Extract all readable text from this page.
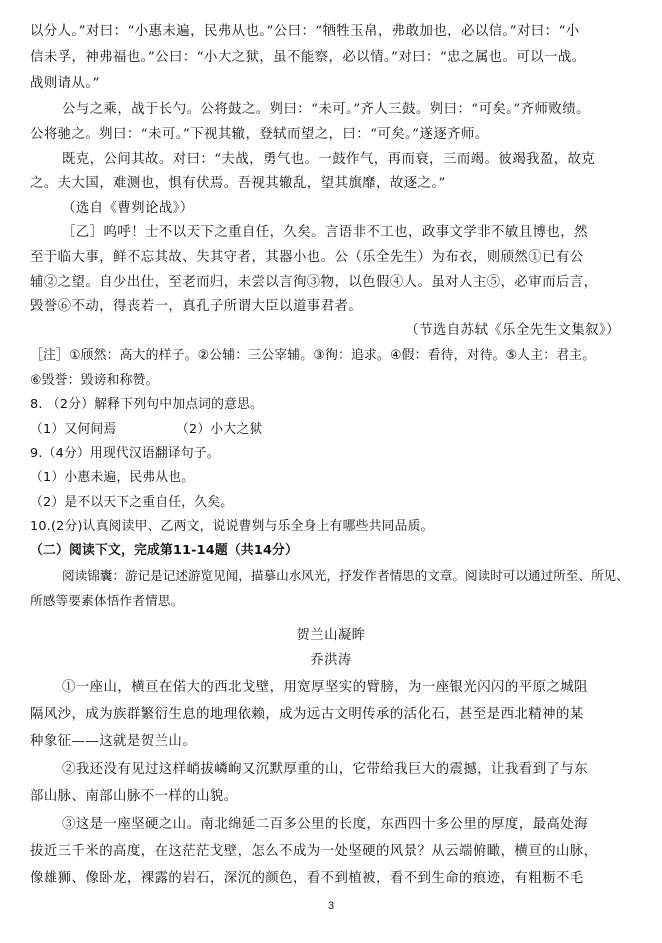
以分人。”对曰：“小惠未遍，民弗从也。”公曰：“牺牲玉帛，弗敢加也，必以信。”对曰：“小
信未孚，神弗福也。”公曰：“小大之狱，虽不能察，必以情。”对曰：“忠之属也。可以一战。
战则请从。”
公与之乘，战于长勺。公将鼓之。刿曰：“未可。”齐人三鼓。刿曰：“可矣。”齐师败绩。
公将驰之。刿曰：“未可。”下视其辙，登轼而望之，曰：“可矣。”遂逐齐师。
既克，公问其故。对曰：“夫战，勇气也。一鼓作气，再而衰，三而竭。彼竭我盈，故克
之。夫大国，难测也，惧有伏焉。吾视其辙乱，望其旗靡，故逐之。”
（选自《曹刿论战》）
［乙］呜呼！士不以天下之重自任，久矣。言语非不工也，政事文学非不敏且博也，然
至于临大事，鲜不忘其故、失其守者，其器小也。公（乐全先生）为布衣，则颀然①已有公
辅②之望。自少出仕，至老而归，未尝以言徇③物，以色假④人。虽对人主⑤，必审而后言，
毁誉⑥不动，得丧若一，真孔子所谓大臣以道事君者。
（节选自苏轼《乐全先生文集叙》）
［注］①颀然：高大的样子。②公辅：三公宰辅。③徇：追求。④假：看待，对待。⑤人主：君主。
⑥毁誉：毁谤和称赞。
8. （2分）解释下列句中加点词的意思。
（1）又何间焉	（2）小大之狱
9.（4分）用现代汉语翻译句子。
（1）小惠未遍，民弗从也。
（2）是不以天下之重自任，久矣。
10.(2分)认真阅读甲、乙两文，说说曹刿与乐全身上有哪些共同品质。
（二）阅读下文，完成第11-14题（共14分）
阅读锦囊：游记是记述游览见闻，描摹山水风光，抒发作者情思的文章。阅读时可以通过所至、所见、
所感等要素体悟作者情思。
贺兰山凝眸
乔洪涛
①一座山，横亘在偌大的西北戈壁，用宽厚坚实的臂膀，为一座银光闪闪的平原之城阻
隔风沙，成为族群繁衍生息的地理依赖，成为远古文明传承的活化石，甚至是西北精神的某
种象征——这就是贺兰山。
②我还没有见过这样峭拔嶙峋又沉默厚重的山，它带给我巨大的震撼，让我看到了与东
部山脉、南部山脉不一样的山貌。
③这是一座坚硬之山。南北绵延二百多公里的长度，东西四十多公里的厚度，最高处海
拔近三千米的高度，在这茫茫戈壁，怎么不成为一处坚硬的风景？从云端俯瞰，横亘的山脉，
像雄狮、像卧龙，裸露的岩石，深沉的颜色，看不到植被，看不到生命的痕迹，有粗粝不毛
3
